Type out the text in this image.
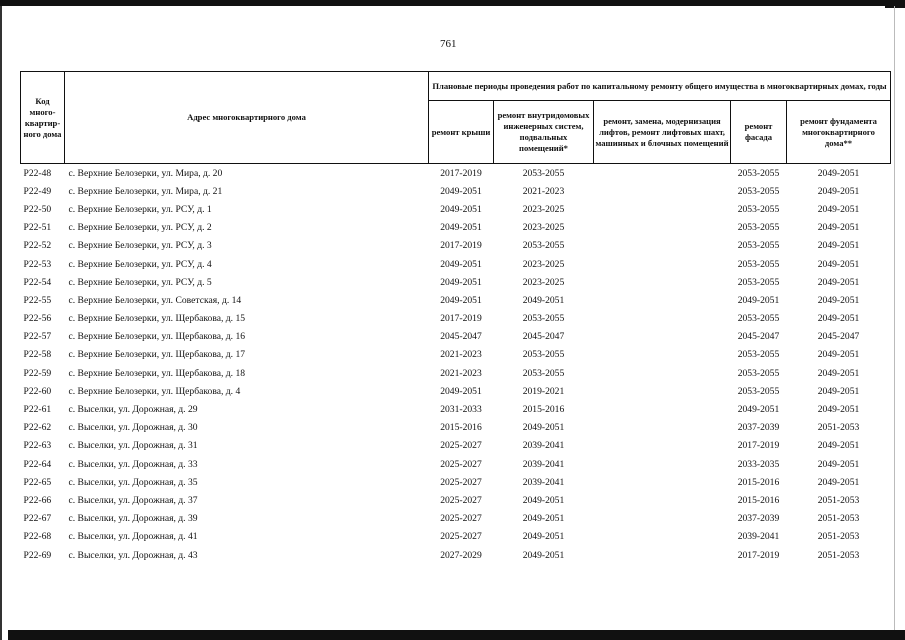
761
Код много-квартир-ного дома	Адрес многоквартирного дома	Плановые периоды проведения работ по капитальному ремонту общего имущества в многоквартирных домах, годы				
		ремонт крыши	ремонт внутридомовых инженерных систем, подвальных помещений*	ремонт, замена, модернизация лифтов, ремонт лифтовых шахт, машинных и блочных помещений	ремонт фасада	ремонт фундамента многоквартирного дома**
P22-48	с. Верхние Белозерки, ул. Мира, д. 20	2017-2019	2053-2055		2053-2055	2049-2051
P22-49	с. Верхние Белозерки, ул. Мира, д. 21	2049-2051	2021-2023		2053-2055	2049-2051
P22-50	с. Верхние Белозерки, ул. РСУ, д. 1	2049-2051	2023-2025		2053-2055	2049-2051
P22-51	с. Верхние Белозерки, ул. РСУ, д. 2	2049-2051	2023-2025		2053-2055	2049-2051
P22-52	с. Верхние Белозерки, ул. РСУ, д. 3	2017-2019	2053-2055		2053-2055	2049-2051
P22-53	с. Верхние Белозерки, ул. РСУ, д. 4	2049-2051	2023-2025		2053-2055	2049-2051
P22-54	с. Верхние Белозерки, ул. РСУ, д. 5	2049-2051	2023-2025		2053-2055	2049-2051
P22-55	с. Верхние Белозерки, ул. Советская, д. 14	2049-2051	2049-2051		2049-2051	2049-2051
P22-56	с. Верхние Белозерки, ул. Щербакова, д. 15	2017-2019	2053-2055		2053-2055	2049-2051
P22-57	с. Верхние Белозерки, ул. Щербакова, д. 16	2045-2047	2045-2047		2045-2047	2045-2047
P22-58	с. Верхние Белозерки, ул. Щербакова, д. 17	2021-2023	2053-2055		2053-2055	2049-2051
P22-59	с. Верхние Белозерки, ул. Щербакова, д. 18	2021-2023	2053-2055		2053-2055	2049-2051
P22-60	с. Верхние Белозерки, ул. Щербакова, д. 4	2049-2051	2019-2021		2053-2055	2049-2051
P22-61	с. Выселки, ул. Дорожная, д. 29	2031-2033	2015-2016		2049-2051	2049-2051
P22-62	с. Выселки, ул. Дорожная, д. 30	2015-2016	2049-2051		2037-2039	2051-2053
P22-63	с. Выселки, ул. Дорожная, д. 31	2025-2027	2039-2041		2017-2019	2049-2051
P22-64	с. Выселки, ул. Дорожная, д. 33	2025-2027	2039-2041		2033-2035	2049-2051
P22-65	с. Выселки, ул. Дорожная, д. 35	2025-2027	2039-2041		2015-2016	2049-2051
P22-66	с. Выселки, ул. Дорожная, д. 37	2025-2027	2049-2051		2015-2016	2051-2053
P22-67	с. Выселки, ул. Дорожная, д. 39	2025-2027	2049-2051		2037-2039	2051-2053
P22-68	с. Выселки, ул. Дорожная, д. 41	2025-2027	2049-2051		2039-2041	2051-2053
P22-69	с. Выселки, ул. Дорожная, д. 43	2027-2029	2049-2051		2017-2019	2051-2053
